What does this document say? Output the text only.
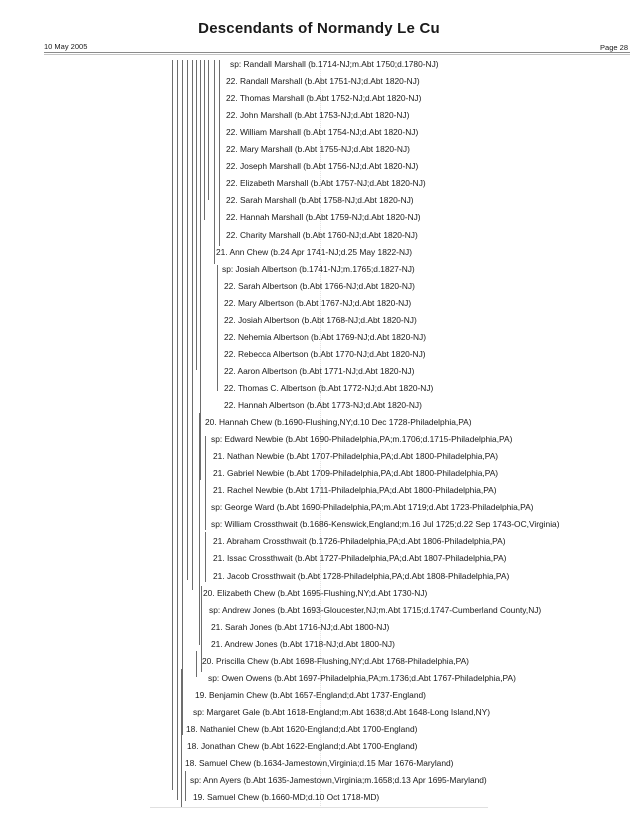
Descendants of Normandy Le Cu
10 May 2005	Page 28
sp: Randall Marshall (b.1714-NJ;m.Abt 1750;d.1780-NJ)
22. Randall Marshall (b.Abt 1751-NJ;d.Abt 1820-NJ)
22. Thomas Marshall (b.Abt 1752-NJ;d.Abt 1820-NJ)
22. John Marshall (b.Abt 1753-NJ;d.Abt 1820-NJ)
22. William Marshall (b.Abt 1754-NJ;d.Abt 1820-NJ)
22. Mary Marshall (b.Abt 1755-NJ;d.Abt 1820-NJ)
22. Joseph Marshall (b.Abt 1756-NJ;d.Abt 1820-NJ)
22. Elizabeth Marshall (b.Abt 1757-NJ;d.Abt 1820-NJ)
22. Sarah Marshall (b.Abt 1758-NJ;d.Abt 1820-NJ)
22. Hannah Marshall (b.Abt 1759-NJ;d.Abt 1820-NJ)
22. Charity Marshall (b.Abt 1760-NJ;d.Abt 1820-NJ)
21. Ann Chew (b.24 Apr 1741-NJ;d.25 May 1822-NJ)
sp: Josiah Albertson (b.1741-NJ;m.1765;d.1827-NJ)
22. Sarah Albertson (b.Abt 1766-NJ;d.Abt 1820-NJ)
22. Mary Albertson (b.Abt 1767-NJ;d.Abt 1820-NJ)
22. Josiah Albertson (b.Abt 1768-NJ;d.Abt 1820-NJ)
22. Nehemia Albertson (b.Abt 1769-NJ;d.Abt 1820-NJ)
22. Rebecca Albertson (b.Abt 1770-NJ;d.Abt 1820-NJ)
22. Aaron Albertson (b.Abt 1771-NJ;d.Abt 1820-NJ)
22. Thomas C. Albertson (b.Abt 1772-NJ;d.Abt 1820-NJ)
22. Hannah Albertson (b.Abt 1773-NJ;d.Abt 1820-NJ)
20. Hannah Chew (b.1690-Flushing,NY;d.10 Dec 1728-Philadelphia,PA)
sp: Edward Newbie (b.Abt 1690-Philadelphia,PA;m.1706;d.1715-Philadelphia,PA)
21. Nathan Newbie (b.Abt 1707-Philadelphia,PA;d.Abt 1800-Philadelphia,PA)
21. Gabriel Newbie (b.Abt 1709-Philadelphia,PA;d.Abt 1800-Philadelphia,PA)
21. Rachel Newbie (b.Abt 1711-Philadelphia,PA;d.Abt 1800-Philadelphia,PA)
sp: George Ward (b.Abt 1690-Philadelphia,PA;m.Abt 1719;d.Abt 1723-Philadelphia,PA)
sp: William Crossthwait (b.1686-Kenswick,England;m.16 Jul 1725;d.22 Sep 1743-OC,Virginia)
21. Abraham Crossthwait (b.1726-Philadelphia,PA;d.Abt 1806-Philadelphia,PA)
21. Issac Crossthwait (b.Abt 1727-Philadelphia,PA;d.Abt 1807-Philadelphia,PA)
21. Jacob Crossthwait (b.Abt 1728-Philadelphia,PA;d.Abt 1808-Philadelphia,PA)
20. Elizabeth Chew (b.Abt 1695-Flushing,NY;d.Abt 1730-NJ)
sp: Andrew Jones (b.Abt 1693-Gloucester,NJ;m.Abt 1715;d.1747-Cumberland County,NJ)
21. Sarah Jones (b.Abt 1716-NJ;d.Abt 1800-NJ)
21. Andrew Jones (b.Abt 1718-NJ;d.Abt 1800-NJ)
20. Priscilla Chew (b.Abt 1698-Flushing,NY;d.Abt 1768-Philadelphia,PA)
sp: Owen Owens (b.Abt 1697-Philadelphia,PA;m.1736;d.Abt 1767-Philadelphia,PA)
19. Benjamin Chew (b.Abt 1657-England;d.Abt 1737-England)
sp: Margaret Gale (b.Abt 1618-England;m.Abt 1638;d.Abt 1648-Long Island,NY)
18. Nathaniel Chew (b.Abt 1620-England;d.Abt 1700-England)
18. Jonathan Chew (b.Abt 1622-England;d.Abt 1700-England)
18. Samuel Chew (b.1634-Jamestown,Virginia;d.15 Mar 1676-Maryland)
sp: Ann Ayers (b.Abt 1635-Jamestown,Virginia;m.1658;d.13 Apr 1695-Maryland)
19. Samuel Chew (b.1660-MD;d.10 Oct 1718-MD)
